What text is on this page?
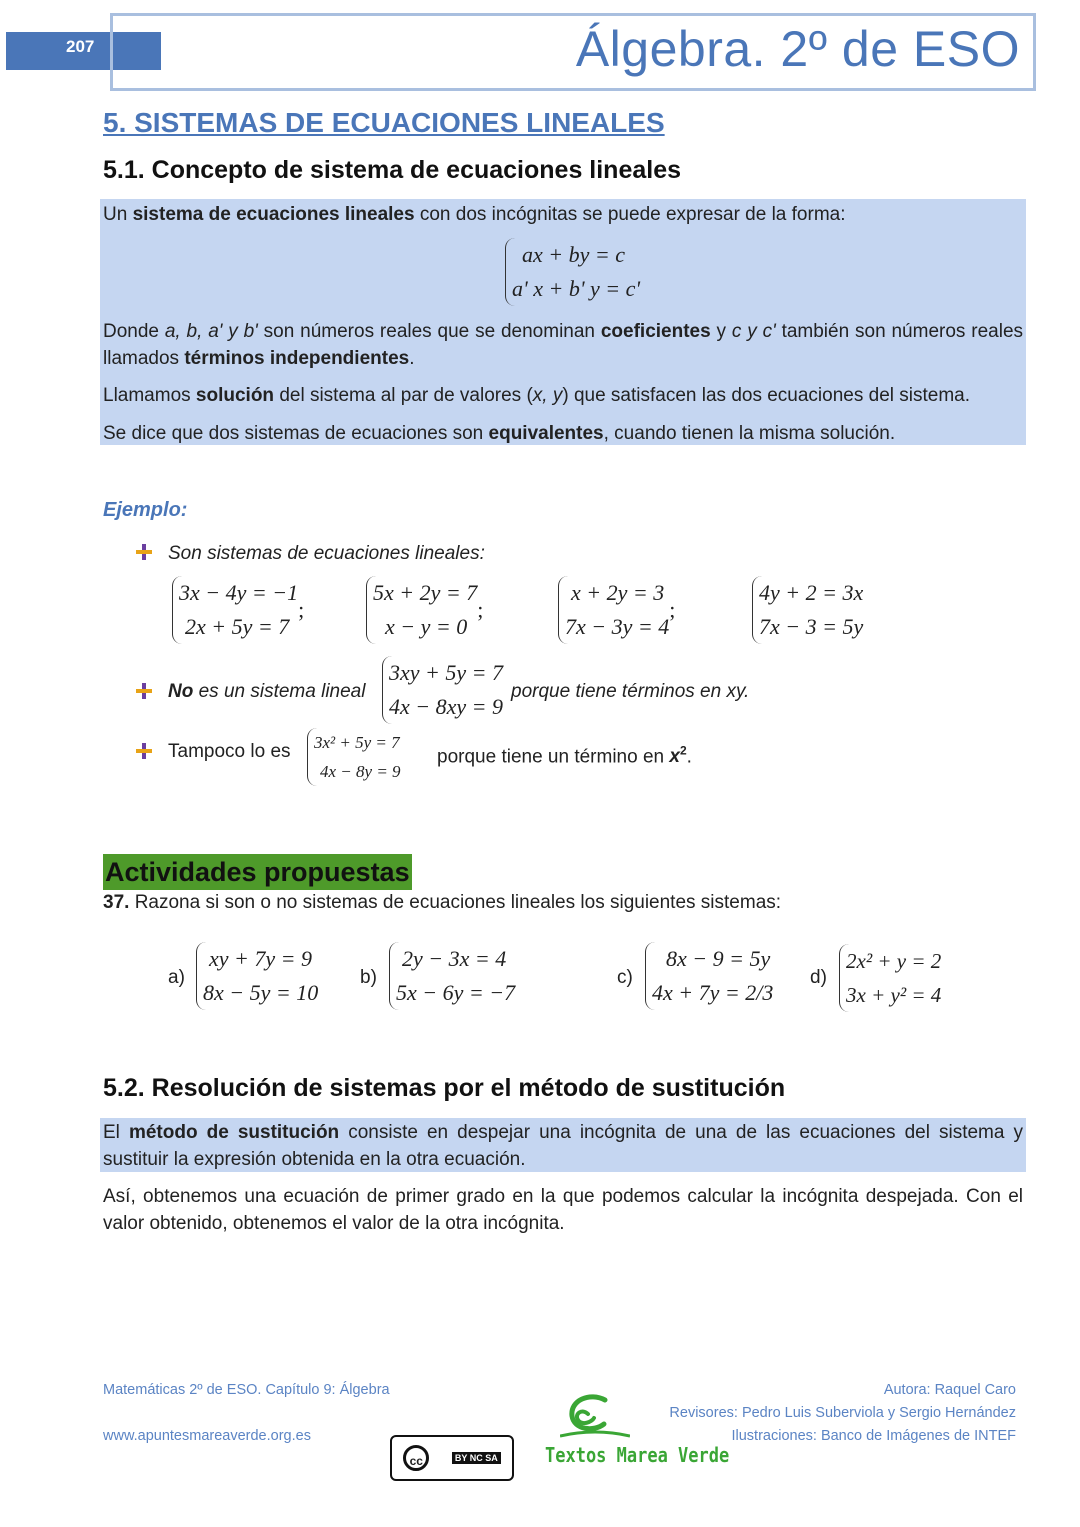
207	Álgebra. 2º de ESO
5. SISTEMAS DE ECUACIONES LINEALES
5.1. Concepto de sistema de ecuaciones lineales
Un sistema de ecuaciones lineales con dos incógnitas se puede expresar de la forma:
ax + by = c
a' x + b' y = c'
Donde a, b, a' y b' son números reales que se denominan coeficientes y c y c' también son números reales llamados términos independientes.
Llamamos solución del sistema al par de valores (x, y) que satisfacen las dos ecuaciones del sistema.
Se dice que dos sistemas de ecuaciones son equivalentes, cuando tienen la misma solución.
Ejemplo:
Son sistemas de ecuaciones lineales:
3x − 4y = −1
2x + 5y = 7
;
5x + 2y = 7
x − y = 0
;
x + 2y = 3
7x − 3y = 4
;
4y + 2 = 3x
7x − 3 = 5y
No es un sistema lineal
3xy + 5y = 7
4x − 8xy = 9
porque tiene términos en xy.
Tampoco lo es 3x² + 5y = 7
4x − 8y = 9
porque tiene un término en $x^2$.
Actividades propuestas
37. Razona si son o no sistemas de ecuaciones lineales los siguientes sistemas:
a)
xy + 7y = 9
8x − 5y = 10
b)
2y − 3x = 4
5x − 6y = −7
c)
8x − 9 = 5y
4x + 7y = 2/3
d)
2x² + y = 2
3x + y² = 4
5.2. Resolución de sistemas por el método de sustitución
El método de sustitución consiste en despejar una incógnita de una de las ecuaciones del sistema y sustituir la expresión obtenida en la otra ecuación.
Así, obtenemos una ecuación de primer grado en la que podemos calcular la incógnita despejada. Con el valor obtenido, obtenemos el valor de la otra incógnita.
Matemáticas 2º de ESO. Capítulo 9: Álgebra
www.apuntesmareaverde.org.es
cc	BY NC SA	Textos Marea Verde
Autora: Raquel Caro
Revisores: Pedro Luis Suberviola y Sergio Hernández
Ilustraciones: Banco de Imágenes de INTEF
